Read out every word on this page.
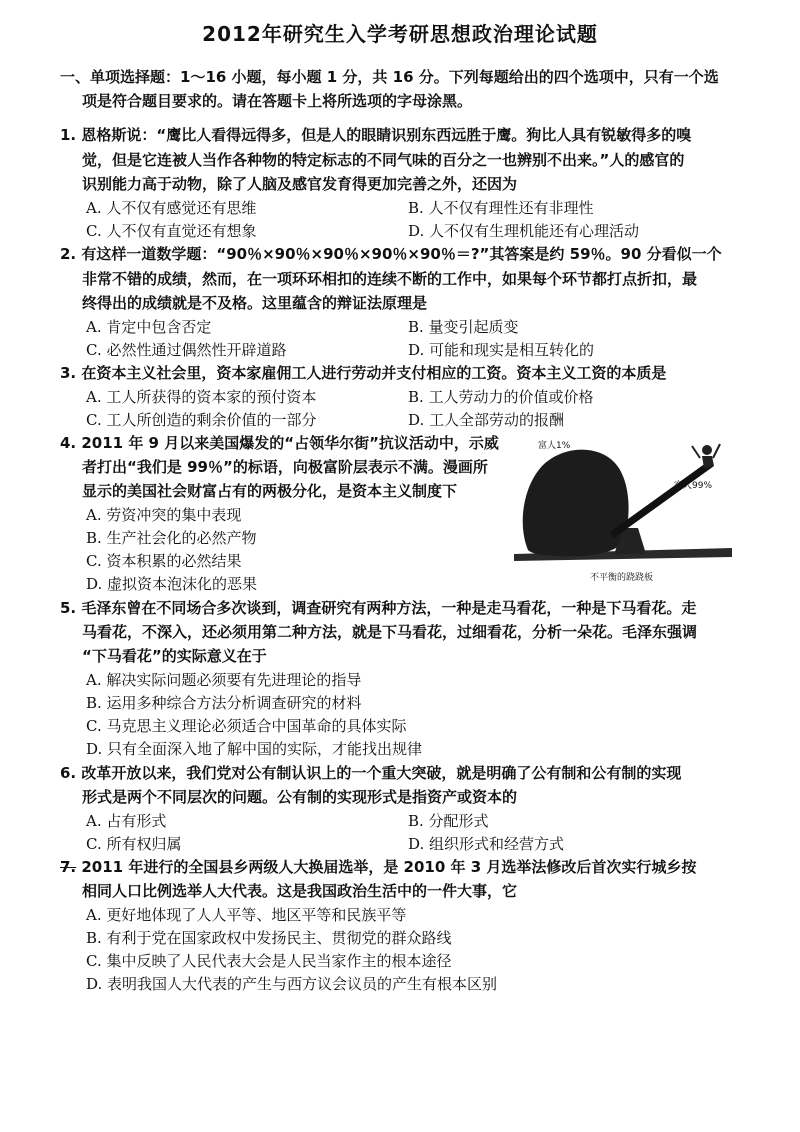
2012年研究生入学考研思想政治理论试题
一、单项选择题：1～16 小题，每小题 1 分，共 16 分。下列每题给出的四个选项中，只有一个选
项是符合题目要求的。请在答题卡上将所选项的字母涂黑。
1. 恩格斯说：“鹰比人看得远得多，但是人的眼睛识别东西远胜于鹰。狗比人具有锐敏得多的嗅
觉，但是它连被人当作各种物的特定标志的不同气味的百分之一也辨别不出来。”人的感官的
识别能力高于动物，除了人脑及感官发育得更加完善之外，还因为
A. 人不仅有感觉还有思维	B. 人不仅有理性还有非理性
C. 人不仅有直觉还有想象	D. 人不仅有生理机能还有心理活动
2. 有这样一道数学题：“90％×90％×90％×90％×90％＝?”其答案是约 59％。90 分看似一个
非常不错的成绩，然而，在一项环环相扣的连续不断的工作中，如果每个环节都打点折扣，最
终得出的成绩就是不及格。这里蕴含的辩证法原理是
A. 肯定中包含否定	B. 量变引起质变
C. 必然性通过偶然性开辟道路	D. 可能和现实是相互转化的
3. 在资本主义社会里，资本家雇佣工人进行劳动并支付相应的工资。资本主义工资的本质是
A. 工人所获得的资本家的预付资本	B. 工人劳动力的价值或价格
C. 工人所创造的剩余价值的一部分	D. 工人全部劳动的报酬
4. 2011 年 9 月以来美国爆发的“占领华尔街”抗议活动中，示威
者打出“我们是 99％”的标语，向极富阶层表示不满。漫画所
显示的美国社会财富占有的两极分化，是资本主义制度下
A. 劳资冲突的集中表现
B. 生产社会化的必然产物
C. 资本积累的必然结果
D. 虚拟资本泡沫化的恶果
富人1%
穷人99%
不平衡的跷跷板
5. 毛泽东曾在不同场合多次谈到，调查研究有两种方法，一种是走马看花，一种是下马看花。走
马看花，不深入，还必须用第二种方法，就是下马看花，过细看花，分析一朵花。毛泽东强调
“下马看花”的实际意义在于
A. 解决实际问题必须要有先进理论的指导
B. 运用多种综合方法分析调查研究的材料
C. 马克思主义理论必须适合中国革命的具体实际
D. 只有全面深入地了解中国的实际，才能找出规律
6. 改革开放以来，我们党对公有制认识上的一个重大突破，就是明确了公有制和公有制的实现
形式是两个不同层次的问题。公有制的实现形式是指资产或资本的
A. 占有形式	B. 分配形式
C. 所有权归属	D. 组织形式和经营方式
7. 2011 年进行的全国县乡两级人大换届选举，是 2010 年 3 月选举法修改后首次实行城乡按
相同人口比例选举人大代表。这是我国政治生活中的一件大事，它
A. 更好地体现了人人平等、地区平等和民族平等
B. 有利于党在国家政权中发扬民主、贯彻党的群众路线
C. 集中反映了人民代表大会是人民当家作主的根本途径
D. 表明我国人大代表的产生与西方议会议员的产生有根本区别
